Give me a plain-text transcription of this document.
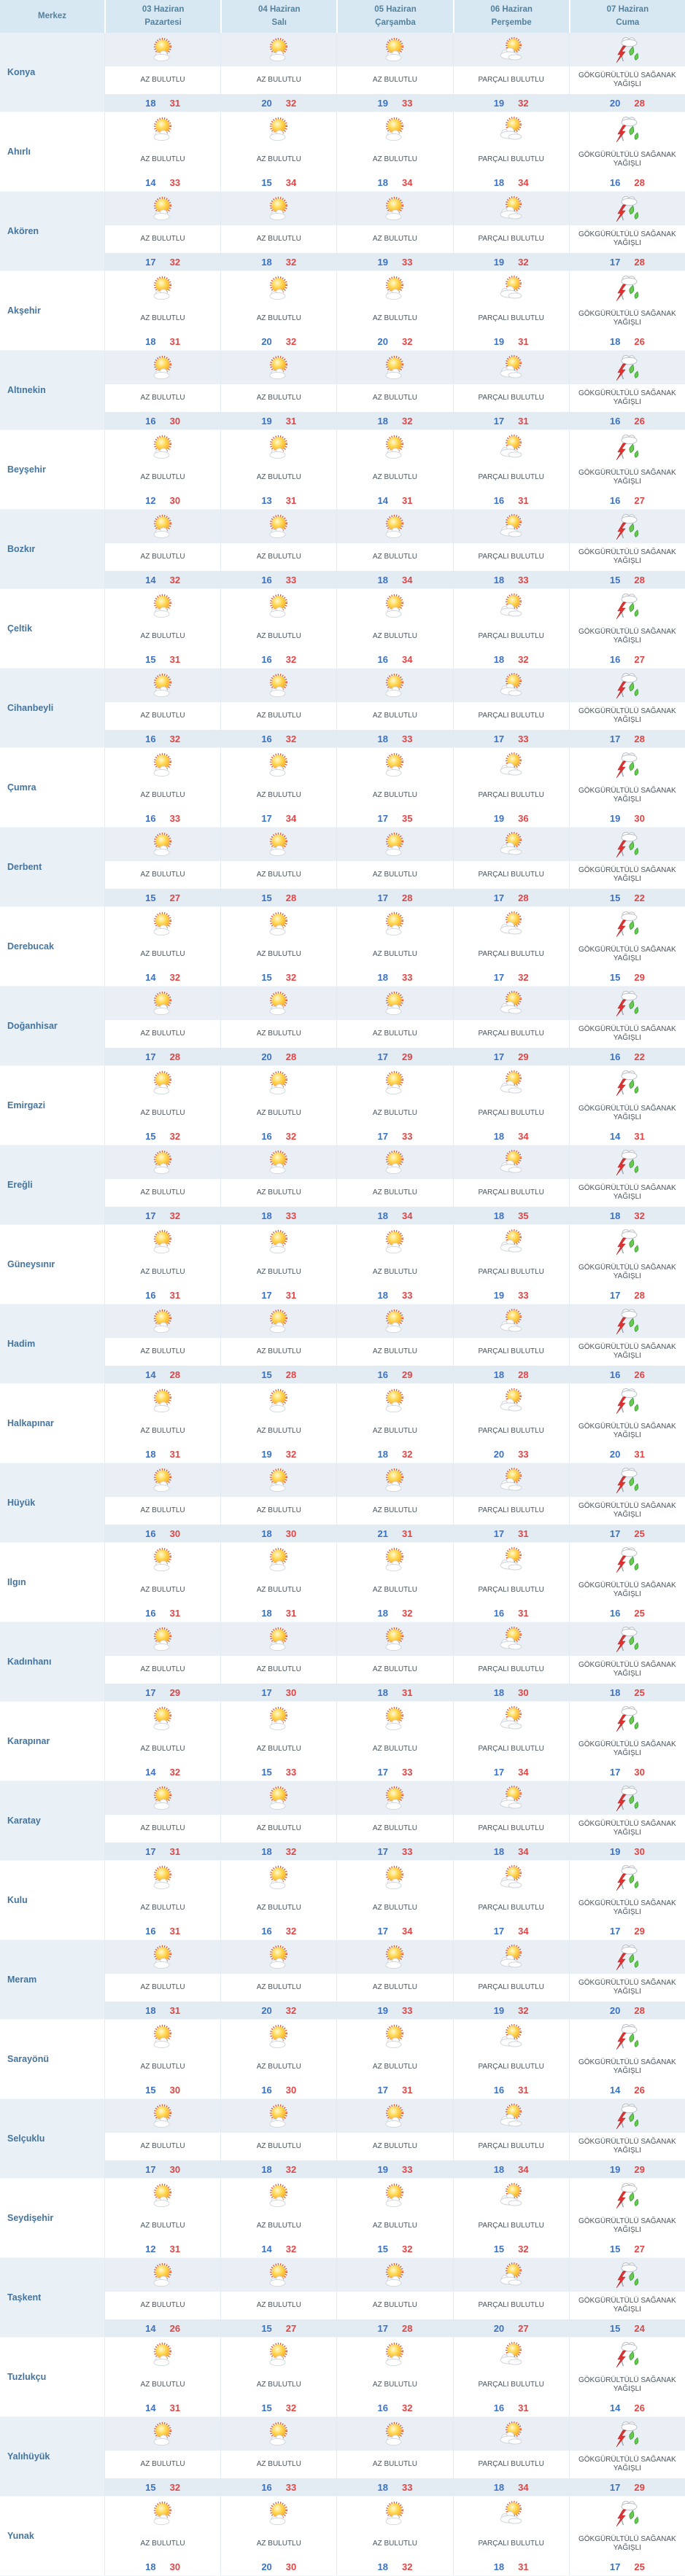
Merkez
03 Haziran
Pazartesi
04 Haziran
Salı
05 Haziran
Çarşamba
06 Haziran
Perşembe
07 Haziran
Cuma
Konya
AZ BULUTLU
18 31
AZ BULUTLU
20 32
AZ BULUTLU
19 33
PARÇALI BULUTLU
19 32
GÖKGÜRÜLTÜLÜ SAĞANAK YAĞIŞLI
20 28
Ahırlı
AZ BULUTLU
14 33
AZ BULUTLU
15 34
AZ BULUTLU
18 34
PARÇALI BULUTLU
18 34
GÖKGÜRÜLTÜLÜ SAĞANAK YAĞIŞLI
16 28
Akören
AZ BULUTLU
17 32
AZ BULUTLU
18 32
AZ BULUTLU
19 33
PARÇALI BULUTLU
19 32
GÖKGÜRÜLTÜLÜ SAĞANAK YAĞIŞLI
17 28
Akşehir
AZ BULUTLU
18 31
AZ BULUTLU
20 32
AZ BULUTLU
20 32
PARÇALI BULUTLU
19 31
GÖKGÜRÜLTÜLÜ SAĞANAK YAĞIŞLI
18 26
Altınekin
AZ BULUTLU
16 30
AZ BULUTLU
19 31
AZ BULUTLU
18 32
PARÇALI BULUTLU
17 31
GÖKGÜRÜLTÜLÜ SAĞANAK YAĞIŞLI
16 26
Beyşehir
AZ BULUTLU
12 30
AZ BULUTLU
13 31
AZ BULUTLU
14 31
PARÇALI BULUTLU
16 31
GÖKGÜRÜLTÜLÜ SAĞANAK YAĞIŞLI
16 27
Bozkır
AZ BULUTLU
14 32
AZ BULUTLU
16 33
AZ BULUTLU
18 34
PARÇALI BULUTLU
18 33
GÖKGÜRÜLTÜLÜ SAĞANAK YAĞIŞLI
15 28
Çeltik
AZ BULUTLU
15 31
AZ BULUTLU
16 32
AZ BULUTLU
16 34
PARÇALI BULUTLU
18 32
GÖKGÜRÜLTÜLÜ SAĞANAK YAĞIŞLI
16 27
Cihanbeyli
AZ BULUTLU
16 32
AZ BULUTLU
16 32
AZ BULUTLU
18 33
PARÇALI BULUTLU
17 33
GÖKGÜRÜLTÜLÜ SAĞANAK YAĞIŞLI
17 28
Çumra
AZ BULUTLU
16 33
AZ BULUTLU
17 34
AZ BULUTLU
17 35
PARÇALI BULUTLU
19 36
GÖKGÜRÜLTÜLÜ SAĞANAK YAĞIŞLI
19 30
Derbent
AZ BULUTLU
15 27
AZ BULUTLU
15 28
AZ BULUTLU
17 28
PARÇALI BULUTLU
17 28
GÖKGÜRÜLTÜLÜ SAĞANAK YAĞIŞLI
15 22
Derebucak
AZ BULUTLU
14 32
AZ BULUTLU
15 32
AZ BULUTLU
18 33
PARÇALI BULUTLU
17 32
GÖKGÜRÜLTÜLÜ SAĞANAK YAĞIŞLI
15 29
Doğanhisar
AZ BULUTLU
17 28
AZ BULUTLU
20 28
AZ BULUTLU
17 29
PARÇALI BULUTLU
17 29
GÖKGÜRÜLTÜLÜ SAĞANAK YAĞIŞLI
16 22
Emirgazi
AZ BULUTLU
15 32
AZ BULUTLU
16 32
AZ BULUTLU
17 33
PARÇALI BULUTLU
18 34
GÖKGÜRÜLTÜLÜ SAĞANAK YAĞIŞLI
14 31
Ereğli
AZ BULUTLU
17 32
AZ BULUTLU
18 33
AZ BULUTLU
18 34
PARÇALI BULUTLU
18 35
GÖKGÜRÜLTÜLÜ SAĞANAK YAĞIŞLI
18 32
Güneysınır
AZ BULUTLU
16 31
AZ BULUTLU
17 31
AZ BULUTLU
18 33
PARÇALI BULUTLU
19 33
GÖKGÜRÜLTÜLÜ SAĞANAK YAĞIŞLI
17 28
Hadim
AZ BULUTLU
14 28
AZ BULUTLU
15 28
AZ BULUTLU
16 29
PARÇALI BULUTLU
18 28
GÖKGÜRÜLTÜLÜ SAĞANAK YAĞIŞLI
16 26
Halkapınar
AZ BULUTLU
18 31
AZ BULUTLU
19 32
AZ BULUTLU
18 32
PARÇALI BULUTLU
20 33
GÖKGÜRÜLTÜLÜ SAĞANAK YAĞIŞLI
20 31
Hüyük
AZ BULUTLU
16 30
AZ BULUTLU
18 30
AZ BULUTLU
21 31
PARÇALI BULUTLU
17 31
GÖKGÜRÜLTÜLÜ SAĞANAK YAĞIŞLI
17 25
Ilgın
AZ BULUTLU
16 31
AZ BULUTLU
18 31
AZ BULUTLU
18 32
PARÇALI BULUTLU
16 31
GÖKGÜRÜLTÜLÜ SAĞANAK YAĞIŞLI
16 25
Kadınhanı
AZ BULUTLU
17 29
AZ BULUTLU
17 30
AZ BULUTLU
18 31
PARÇALI BULUTLU
18 30
GÖKGÜRÜLTÜLÜ SAĞANAK YAĞIŞLI
18 25
Karapınar
AZ BULUTLU
14 32
AZ BULUTLU
15 33
AZ BULUTLU
17 33
PARÇALI BULUTLU
17 34
GÖKGÜRÜLTÜLÜ SAĞANAK YAĞIŞLI
17 30
Karatay
AZ BULUTLU
17 31
AZ BULUTLU
18 32
AZ BULUTLU
17 33
PARÇALI BULUTLU
18 34
GÖKGÜRÜLTÜLÜ SAĞANAK YAĞIŞLI
19 30
Kulu
AZ BULUTLU
16 31
AZ BULUTLU
16 32
AZ BULUTLU
17 34
PARÇALI BULUTLU
17 34
GÖKGÜRÜLTÜLÜ SAĞANAK YAĞIŞLI
17 29
Meram
AZ BULUTLU
18 31
AZ BULUTLU
20 32
AZ BULUTLU
19 33
PARÇALI BULUTLU
19 32
GÖKGÜRÜLTÜLÜ SAĞANAK YAĞIŞLI
20 28
Sarayönü
AZ BULUTLU
15 30
AZ BULUTLU
16 30
AZ BULUTLU
17 31
PARÇALI BULUTLU
16 31
GÖKGÜRÜLTÜLÜ SAĞANAK YAĞIŞLI
14 26
Selçuklu
AZ BULUTLU
17 30
AZ BULUTLU
18 32
AZ BULUTLU
19 33
PARÇALI BULUTLU
18 34
GÖKGÜRÜLTÜLÜ SAĞANAK YAĞIŞLI
19 29
Seydişehir
AZ BULUTLU
12 31
AZ BULUTLU
14 32
AZ BULUTLU
15 32
PARÇALI BULUTLU
15 32
GÖKGÜRÜLTÜLÜ SAĞANAK YAĞIŞLI
15 27
Taşkent
AZ BULUTLU
14 26
AZ BULUTLU
15 27
AZ BULUTLU
17 28
PARÇALI BULUTLU
20 27
GÖKGÜRÜLTÜLÜ SAĞANAK YAĞIŞLI
15 24
Tuzlukçu
AZ BULUTLU
14 31
AZ BULUTLU
15 32
AZ BULUTLU
16 32
PARÇALI BULUTLU
16 31
GÖKGÜRÜLTÜLÜ SAĞANAK YAĞIŞLI
14 26
Yalıhüyük
AZ BULUTLU
15 32
AZ BULUTLU
16 33
AZ BULUTLU
18 33
PARÇALI BULUTLU
18 34
GÖKGÜRÜLTÜLÜ SAĞANAK YAĞIŞLI
17 29
Yunak
AZ BULUTLU
18 30
AZ BULUTLU
20 30
AZ BULUTLU
18 32
PARÇALI BULUTLU
18 31
GÖKGÜRÜLTÜLÜ SAĞANAK YAĞIŞLI
17 25
